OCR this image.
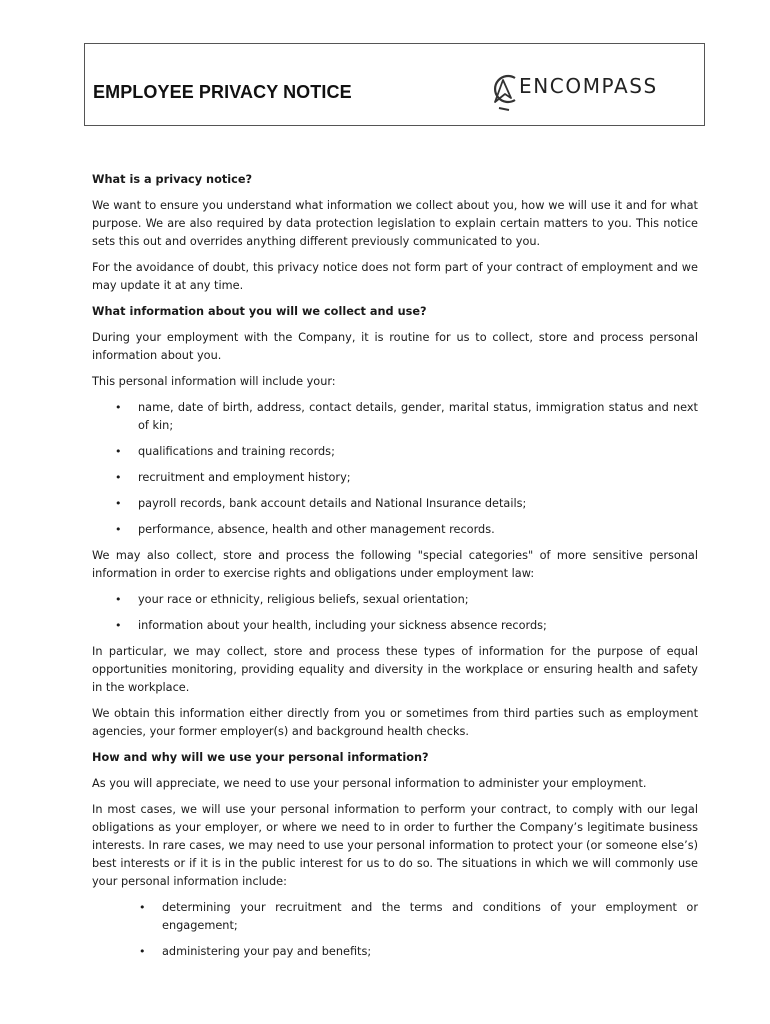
EMPLOYEE PRIVACY NOTICE	ENCOMPASS

What is a privacy notice?

We want to ensure you understand what information we collect about you, how we will use it and for what purpose. We are also required by data protection legislation to explain certain matters to you. This notice sets this out and overrides anything different previously communicated to you.

For the avoidance of doubt, this privacy notice does not form part of your contract of employment and we may update it at any time.

What information about you will we collect and use?

During your employment with the Company, it is routine for us to collect, store and process personal information about you.

This personal information will include your:

• name, date of birth, address, contact details, gender, marital status, immigration status and next of kin;
• qualifications and training records;
• recruitment and employment history;
• payroll records, bank account details and National Insurance details;
• performance, absence, health and other management records.

We may also collect, store and process the following "special categories" of more sensitive personal information in order to exercise rights and obligations under employment law:

• your race or ethnicity, religious beliefs, sexual orientation;
• information about your health, including your sickness absence records;

In particular, we may collect, store and process these types of information for the purpose of equal opportunities monitoring, providing equality and diversity in the workplace or ensuring health and safety in the workplace.

We obtain this information either directly from you or sometimes from third parties such as employment agencies, your former employer(s) and background health checks.

How and why will we use your personal information?

As you will appreciate, we need to use your personal information to administer your employment.

In most cases, we will use your personal information to perform your contract, to comply with our legal obligations as your employer, or where we need to in order to further the Company’s legitimate business interests. In rare cases, we may need to use your personal information to protect your (or someone else’s) best interests or if it is in the public interest for us to do so. The situations in which we will commonly use your personal information include:

• determining your recruitment and the terms and conditions of your employment or engagement;
• administering your pay and benefits;
